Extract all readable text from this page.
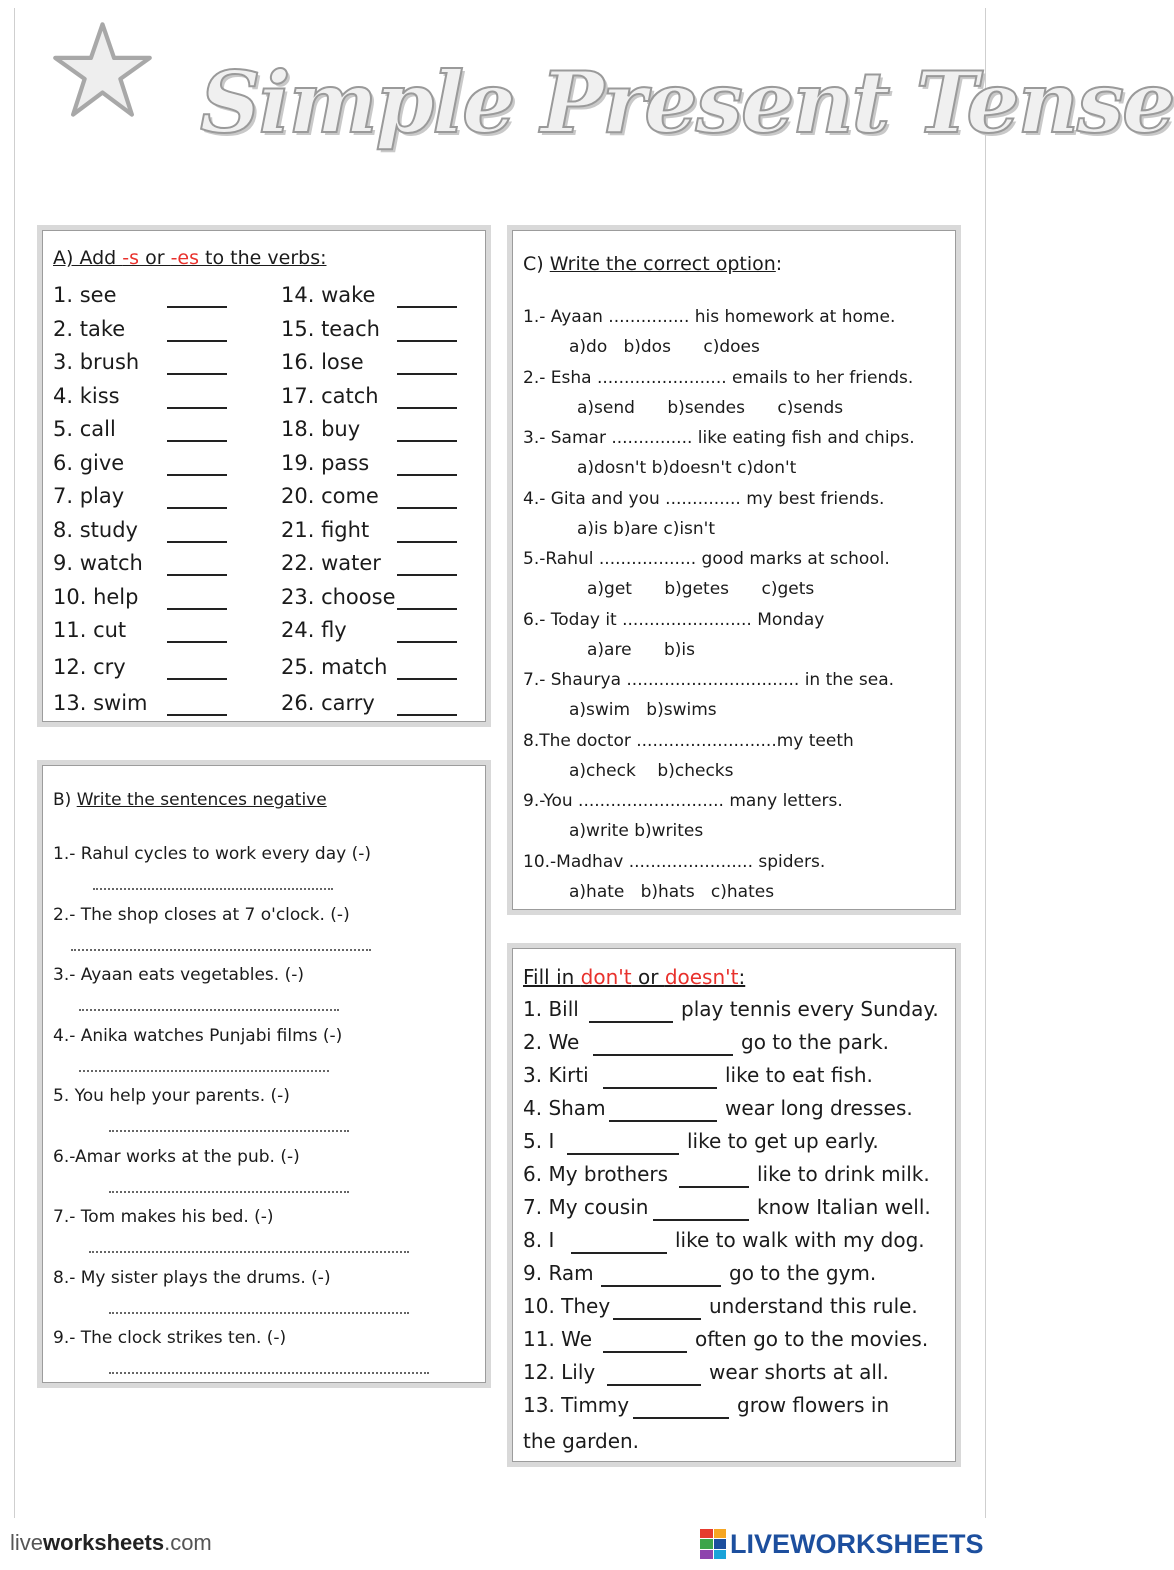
Simple Present Tense
A) Add -s or -es to the verbs:
1. see
2. take
3. brush
4. kiss
5. call
6. give
7. play
8. study
9. watch
10. help
11. cut
12. cry
13. swim
14. wake
15. teach
16. lose
17. catch
18. buy
19. pass
20. come
21. fight
22. water
23. choose
24. fly
25. match
26. carry
B) Write the sentences negative
1.- Rahul cycles to work every day (-)
2.- The shop closes at 7 o'clock. (-)
3.- Ayaan eats vegetables. (-)
4.- Anika watches Punjabi films (-)
5. You help your parents. (-)
6.-Amar works at the pub. (-)
7.- Tom makes his bed. (-)
8.- My sister plays the drums. (-)
9.- The clock strikes ten. (-)
C) Write the correct option:
1.- Ayaan ............... his homework at home.
a)do   b)dos      c)does
2.- Esha ........................ emails to her friends.
a)send      b)sendes      c)sends
3.- Samar ............... like eating fish and chips.
a)dosn't b)doesn't c)don't
4.- Gita and you .............. my best friends.
a)is b)are c)isn't
5.-Rahul .................. good marks at school.
a)get      b)getes      c)gets
6.- Today it ........................ Monday
a)are      b)is
7.- Shaurya ................................ in the sea.
a)swim   b)swims
8.The doctor ..........................my teeth
a)check    b)checks
9.-You ........................... many letters.
a)write b)writes
10.-Madhav ....................... spiders.
a)hate   b)hats   c)hates
Fill in don't or doesn't:
1. Bill	play tennis every Sunday.
2. We	go to the park.
3. Kirti	like to eat fish.
4. Sham	wear long dresses.
5. I	like to get up early.
6. My brothers	like to drink milk.
7. My cousin	know Italian well.
8. I	like to walk with my dog.
9. Ram	go to the gym.
10. They	understand this rule.
11. We	often go to the movies.
12. Lily	wear shorts at all.
13. Timmy	grow flowers in
the garden.
liveworksheets.com	LIVEWORKSHEETS
